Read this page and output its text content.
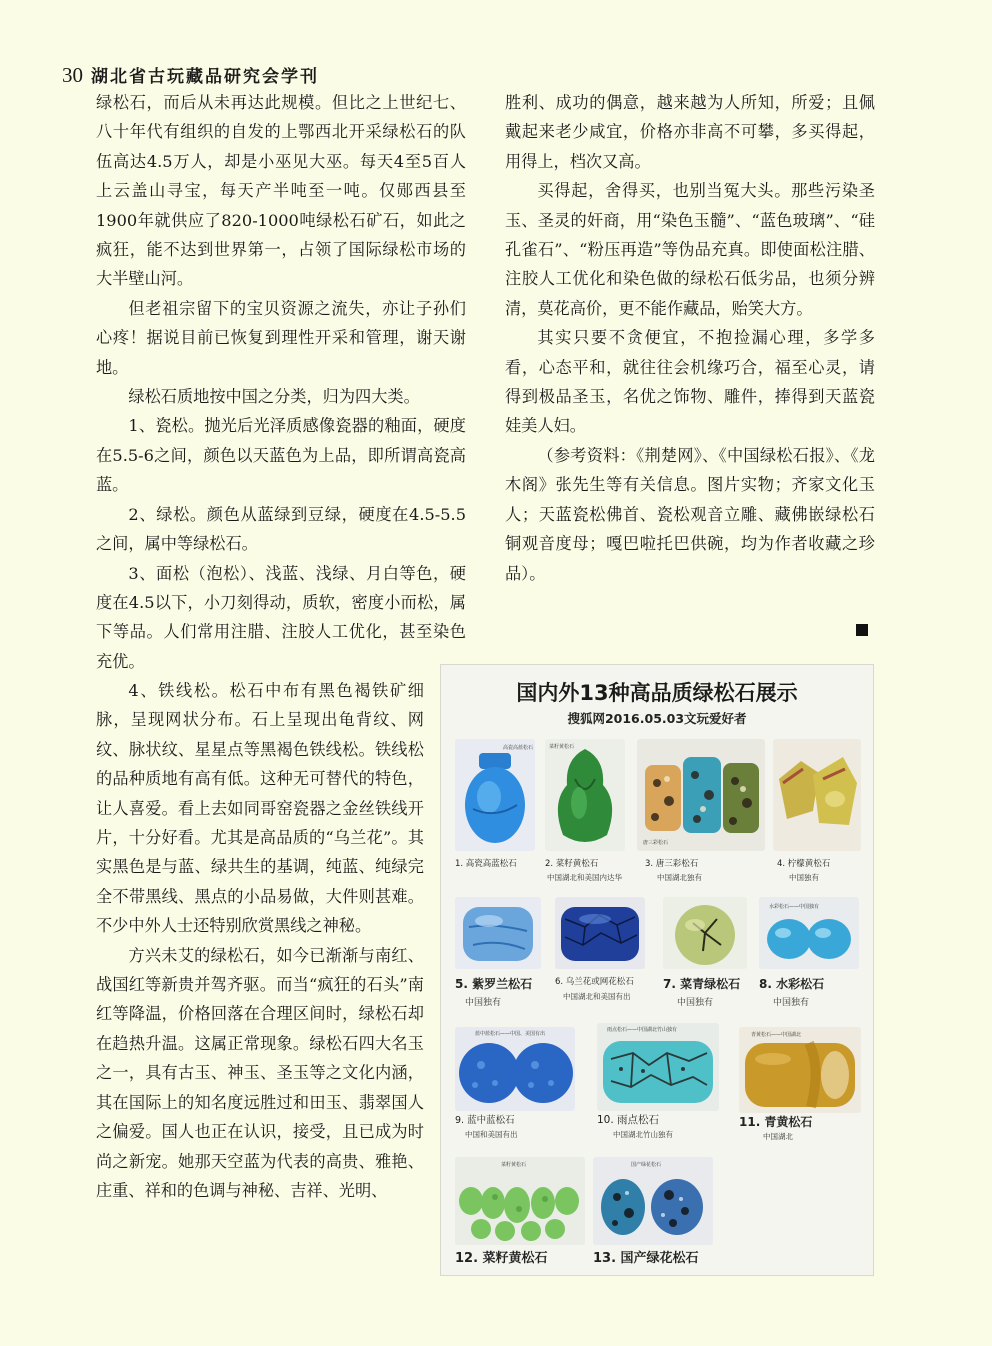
30 湖北省古玩藏品研究会学刊

绿松石，而后从未再达此规模。但比之上世纪七、八十年代有组织的自发的上鄂西北开采绿松石的队伍高达4.5万人，却是小巫见大巫。每天4至5百人上云盖山寻宝，每天产半吨至一吨。仅郧西县至1900年就供应了820-1000吨绿松石矿石，如此之疯狂，能不达到世界第一，占领了国际绿松市场的大半壁山河。

但老祖宗留下的宝贝资源之流失，亦让子孙们心疼！据说目前已恢复到理性开采和管理，谢天谢地。

绿松石质地按中国之分类，归为四大类。

1、瓷松。抛光后光泽质感像瓷器的釉面，硬度在5.5-6之间，颜色以天蓝色为上品，即所谓高瓷高蓝。

2、绿松。颜色从蓝绿到豆绿，硬度在4.5-5.5之间，属中等绿松石。

3、面松（泡松）、浅蓝、浅绿、月白等色，硬度在4.5以下，小刀刻得动，质软，密度小而松，属下等品。人们常用注腊、注胶人工优化，甚至染色充优。

4、铁线松。松石中布有黑色褐铁矿细脉，呈现网状分布。石上呈现出龟背纹、网纹、脉状纹、星星点等黑褐色铁线松。铁线松的品种质地有高有低。这种无可替代的特色，让人喜爱。看上去如同哥窑瓷器之金丝铁线开片，十分好看。尤其是高品质的“乌兰花”。其实黑色是与蓝、绿共生的基调，纯蓝、纯绿完全不带黑线、黑点的小品易做，大件则甚难。不少中外人士还特别欣赏黑线之神秘。

方兴未艾的绿松石，如今已渐渐与南红、战国红等新贵并驾齐驱。而当“疯狂的石头”南红等降温，价格回落在合理区间时，绿松石却在趋热升温。这属正常现象。绿松石四大名玉之一，具有古玉、神玉、圣玉等之文化内涵，其在国际上的知名度远胜过和田玉、翡翠国人之偏爱。国人也正在认识，接受，且已成为时尚之新宠。她那天空蓝为代表的高贵、雅艳、庄重、祥和的色调与神秘、吉祥、光明、

胜利、成功的偶意，越来越为人所知，所爱；且佩戴起来老少咸宜，价格亦非高不可攀，多买得起，用得上，档次又高。

买得起，舍得买，也别当冤大头。那些污染圣玉、圣灵的奸商，用“染色玉髓”、“蓝色玻璃”、“硅孔雀石”、“粉压再造”等伪品充真。即使面松注腊、注胶人工优化和染色做的绿松石低劣品，也须分辨清，莫花高价，更不能作藏品，贻笑大方。

其实只要不贪便宜，不抱捡漏心理，多学多看，心态平和，就往往会机缘巧合，福至心灵，请得到极品圣玉，名优之饰物、雕件，捧得到天蓝瓷娃美人妇。

（参考资料：《荆楚网》、《中国绿松石报》、《龙木阁》张先生等有关信息。图片实物；齐家文化玉人；天蓝瓷松佛首、瓷松观音立雕、藏佛嵌绿松石铜观音度母；嘎巴啦托巴供碗，均为作者收藏之珍品）。

国内外13种高品质绿松石展示
搜狐网2016.05.03文玩爱好者
高瓷高蓝松石
1. 高瓷高蓝松石
菜籽黄松石
2. 菜籽黄松石
中国湖北和美国内达华
唐三彩松石
3. 唐三彩松石
中国湖北独有
4. 柠檬黄松石
中国独有
5. 紫罗兰松石
中国独有
6. 乌兰花或网花松石
中国湖北和美国有出
7. 菜青绿松石
中国独有
水彩松石——中国独有
8. 水彩松石
中国独有
蓝中蓝松石——中国、美国有出
9. 蓝中蓝松石
中国和美国有出
雨点松石——中国湖北竹山独有
10. 雨点松石
中国湖北竹山独有
青黄松石——中国湖北
11. 青黄松石
中国湖北
菜籽黄松石
12. 菜籽黄松石
国产绿花松石
13. 国产绿花松石
